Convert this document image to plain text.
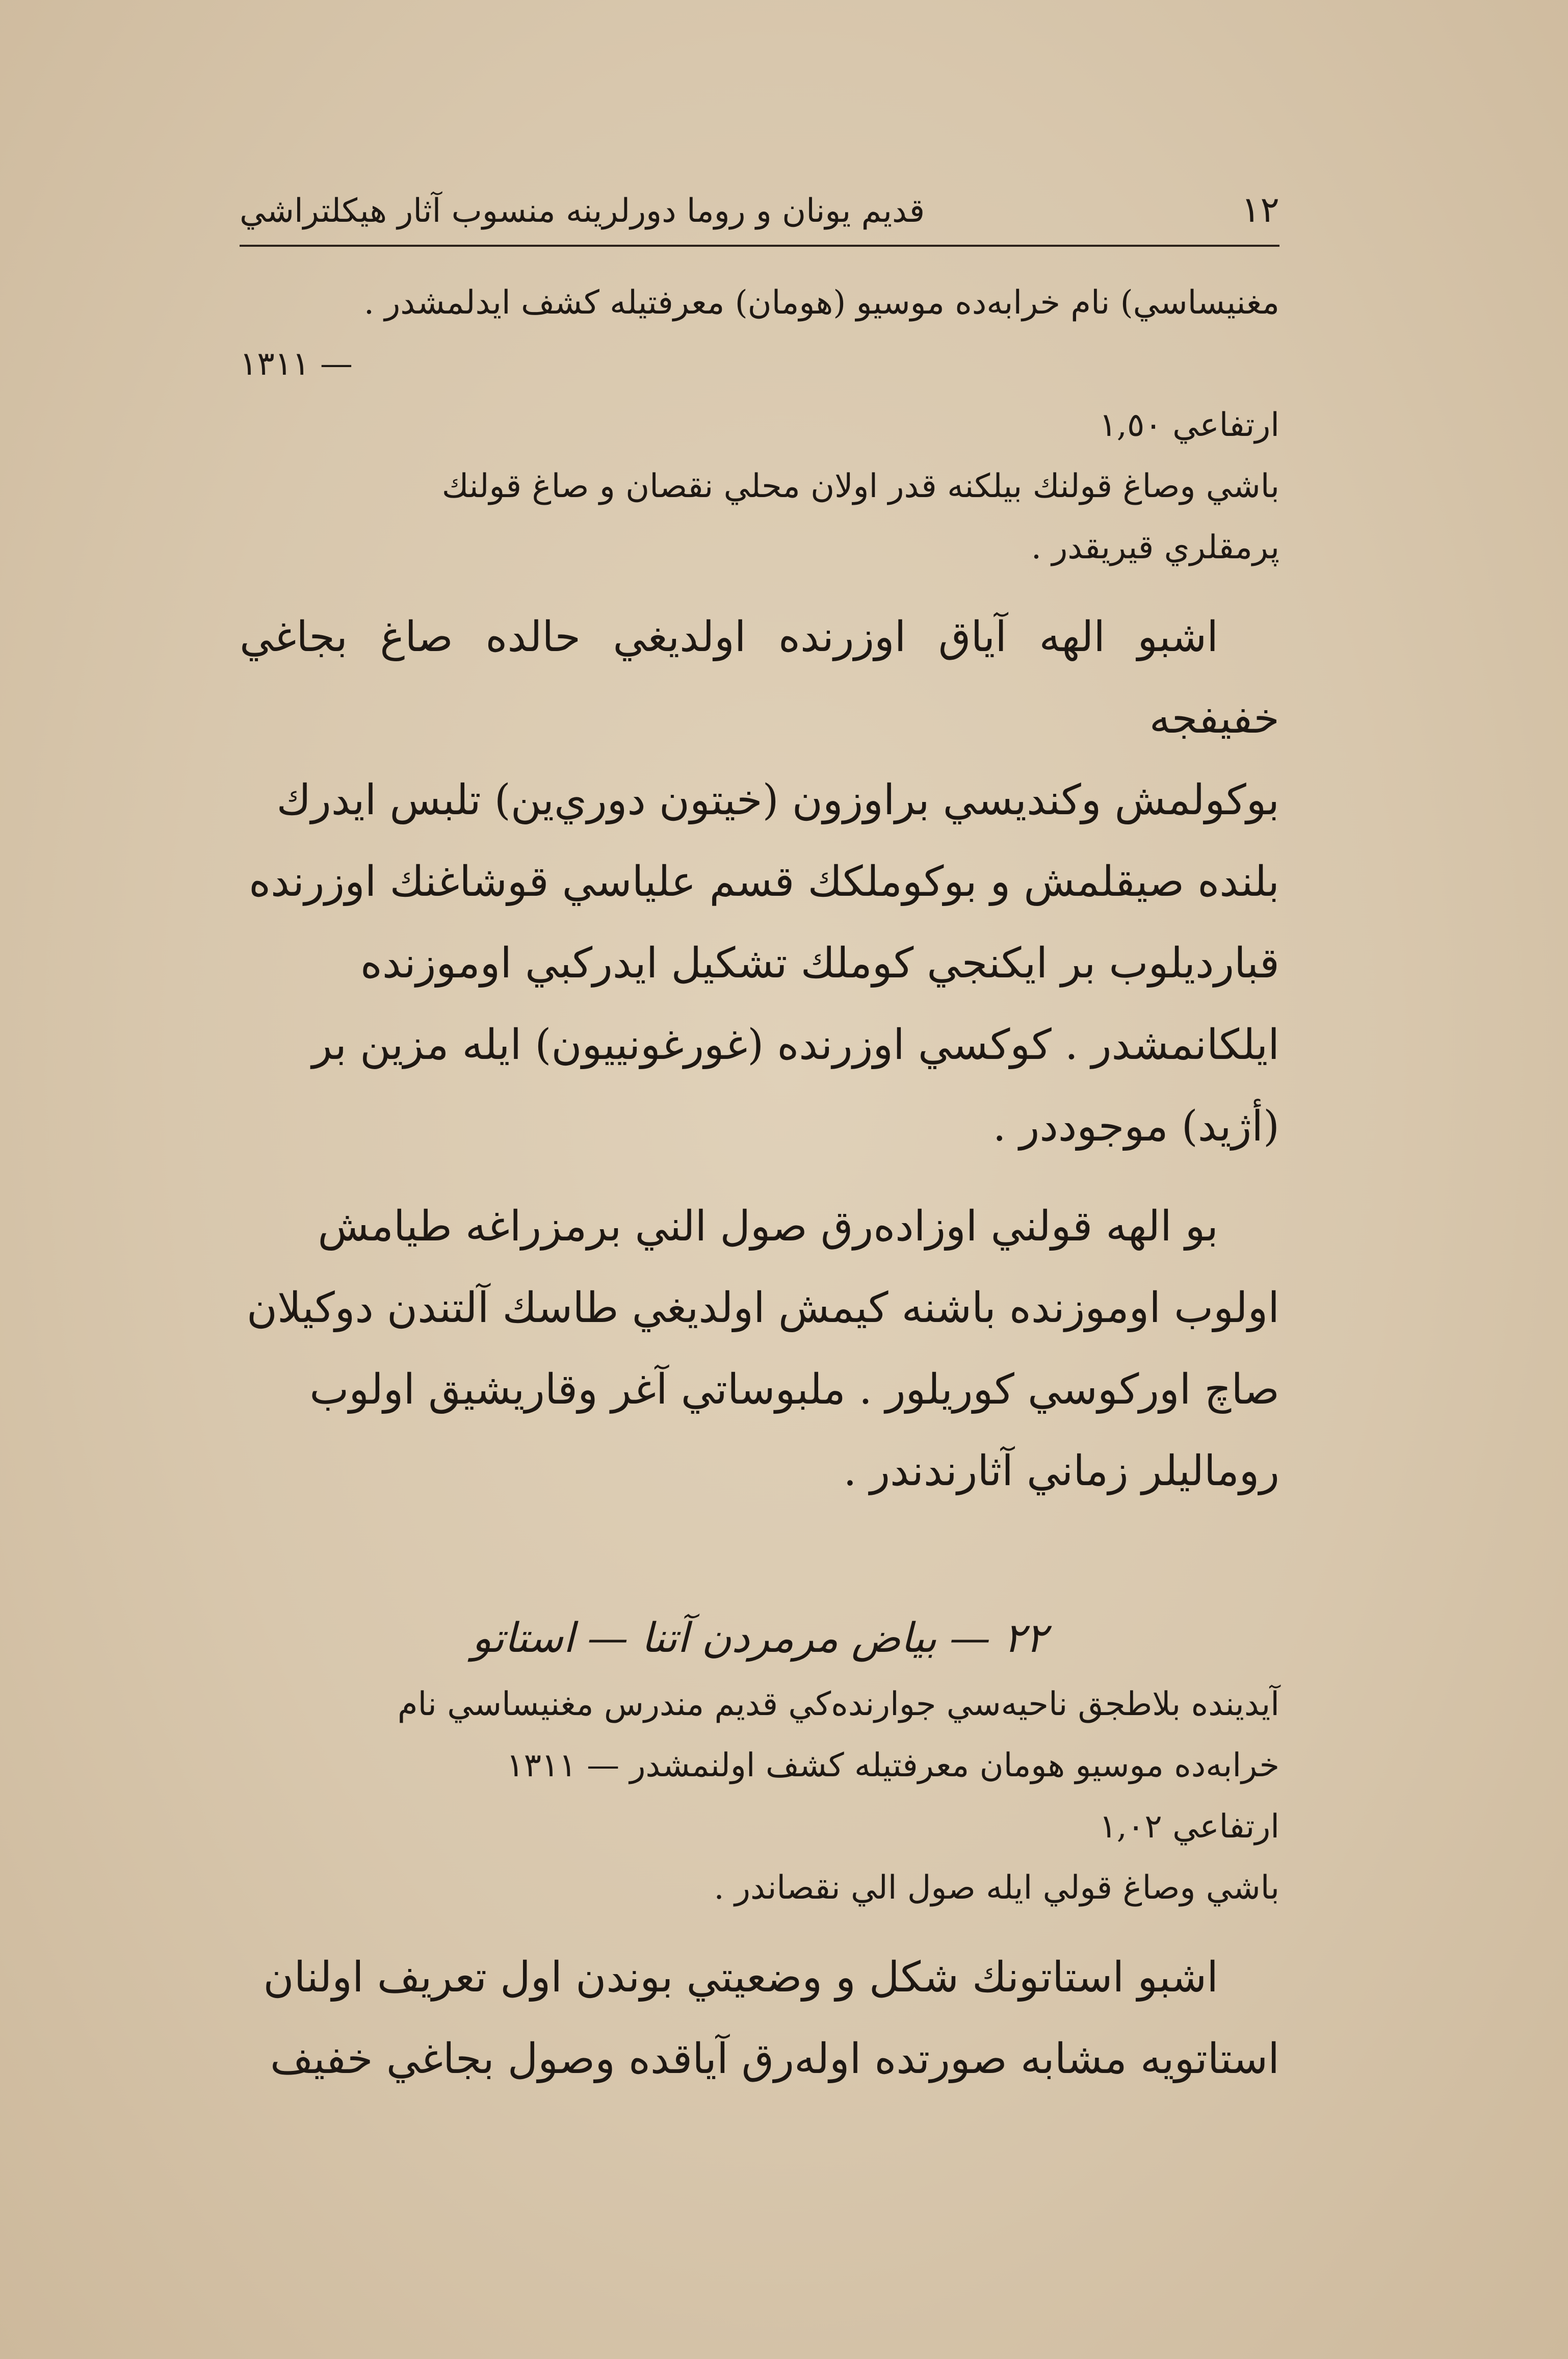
١٢
قديم يونان و روما دورلرينه منسوب آثار هيكلتراشي

مغنيساسي) نام خرابه‌ده موسيو (هومان) معرفتيله كشف ايدلمشدر .

— ١٣١١

ارتفاعي ١,٥٠

باشي وصاغ قولنك بيلكنه قدر اولان محلي نقصان و صاغ قولنك

پرمقلري قيريقدر .

اشبو الهه آياق اوزرنده اولديغي حالده صاغ بجاغي خفيفجه

بوكولمش وكنديسي براوزون (خيتون دوري‌ين) تلبس ايدرك

بلنده صيقلمش و بوكوملكك قسم علياسي قوشاغنك اوزرنده

قبارديلوب بر ايكنجي كوملك تشكيل ايدركبي اوموزنده

ايلكانمشدر . كوكسي اوزرنده (غورغونييون) ايله مزين بر

(أژيد) موجوددر .

بو الهه قولني اوزاده‌رق صول الني برمزراغه طيامش

اولوب اوموزنده باشنه كيمش اولديغي طاسك آلتندن دوكيلان

صاچ اوركوسي كوريلور . ملبوساتي آغر وقاريشيق اولوب

روماليلر زماني آثارندندر .

٢٢ — بياض مرمردن آتنا — استاتو

آيدينده بلاطجق ناحيه‌سي جوارنده‌كي قديم مندرس مغنيساسي نام

خرابه‌ده موسيو هومان معرفتيله كشف اولنمشدر — ١٣١١

ارتفاعي ١,٠٢

باشي وصاغ قولي ايله صول الي نقصاندر .

اشبو استاتونك شكل و وضعيتي بوندن اول تعريف اولنان

استاتويه مشابه صورتده اوله‌رق آياقده وصول بجاغي خفيف
